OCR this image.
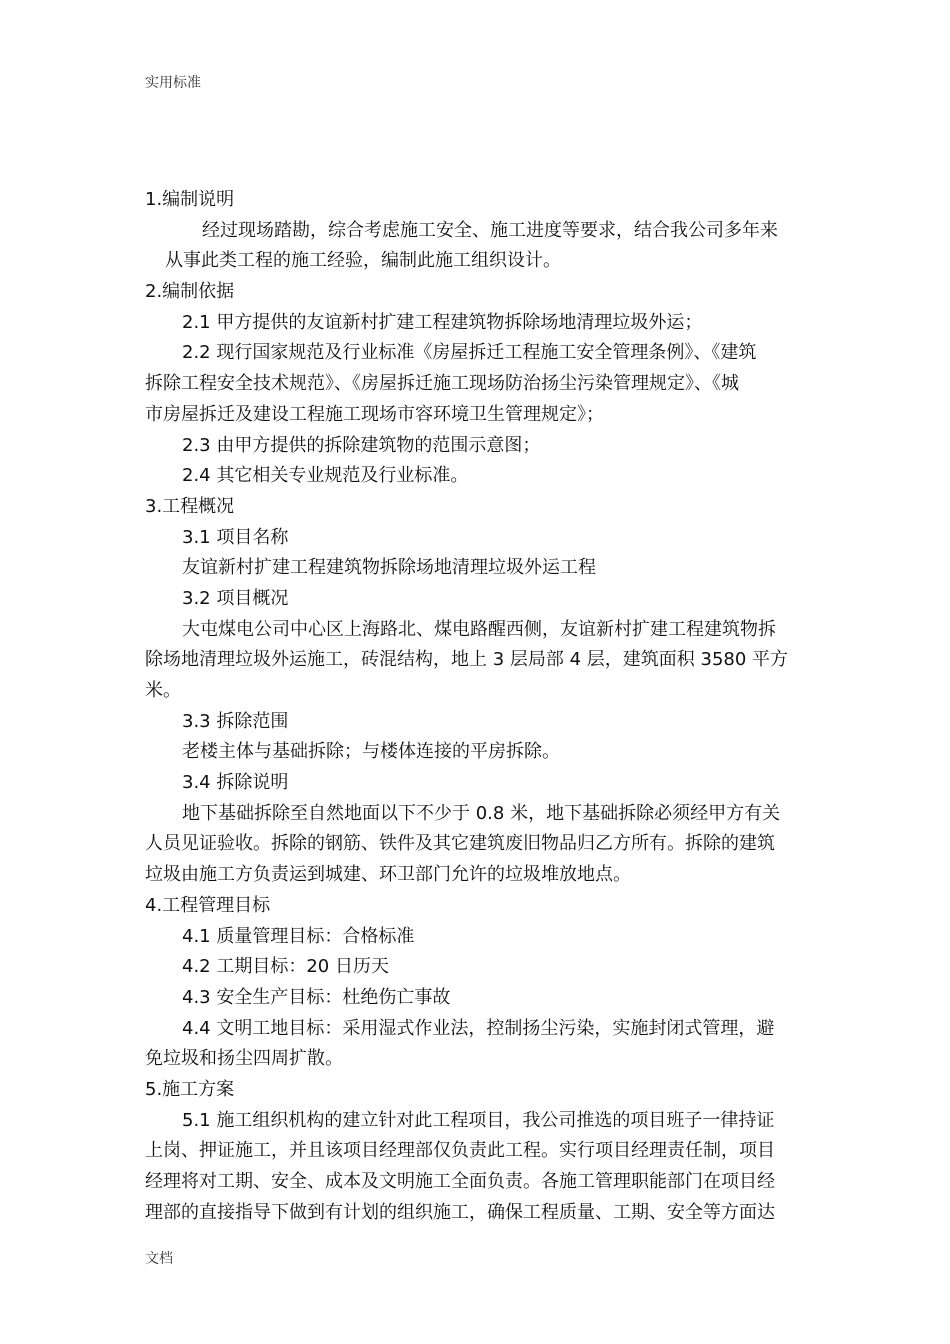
实用标准
1.编制说明
经过现场踏勘，综合考虑施工安全、施工进度等要求，结合我公司多年来
从事此类工程的施工经验，编制此施工组织设计。
2.编制依据
2.1 甲方提供的友谊新村扩建工程建筑物拆除场地清理垃圾外运；
2.2 现行国家规范及行业标准《房屋拆迁工程施工安全管理条例》、《建筑
拆除工程安全技术规范》、《房屋拆迁施工现场防治扬尘污染管理规定》、《城
市房屋拆迁及建设工程施工现场市容环境卫生管理规定》；
2.3 由甲方提供的拆除建筑物的范围示意图；
2.4 其它相关专业规范及行业标准。
3.工程概况
3.1 项目名称
友谊新村扩建工程建筑物拆除场地清理垃圾外运工程
3.2 项目概况
大屯煤电公司中心区上海路北、煤电路醒西侧，友谊新村扩建工程建筑物拆
除场地清理垃圾外运施工，砖混结构，地上 3 层局部 4 层，建筑面积 3580 平方
米。
3.3 拆除范围
老楼主体与基础拆除；与楼体连接的平房拆除。
3.4 拆除说明
地下基础拆除至自然地面以下不少于 0.8 米，地下基础拆除必须经甲方有关
人员见证验收。拆除的钢筋、铁件及其它建筑废旧物品归乙方所有。拆除的建筑
垃圾由施工方负责运到城建、环卫部门允许的垃圾堆放地点。
4.工程管理目标
4.1 质量管理目标：合格标准
4.2 工期目标：20 日历天
4.3 安全生产目标：杜绝伤亡事故
4.4 文明工地目标：采用湿式作业法，控制扬尘污染，实施封闭式管理，避
免垃圾和扬尘四周扩散。
5.施工方案
5.1 施工组织机构的建立针对此工程项目，我公司推选的项目班子一律持证
上岗、押证施工，并且该项目经理部仅负责此工程。实行项目经理责任制，项目
经理将对工期、安全、成本及文明施工全面负责。各施工管理职能部门在项目经
理部的直接指导下做到有计划的组织施工，确保工程质量、工期、安全等方面达
文档
